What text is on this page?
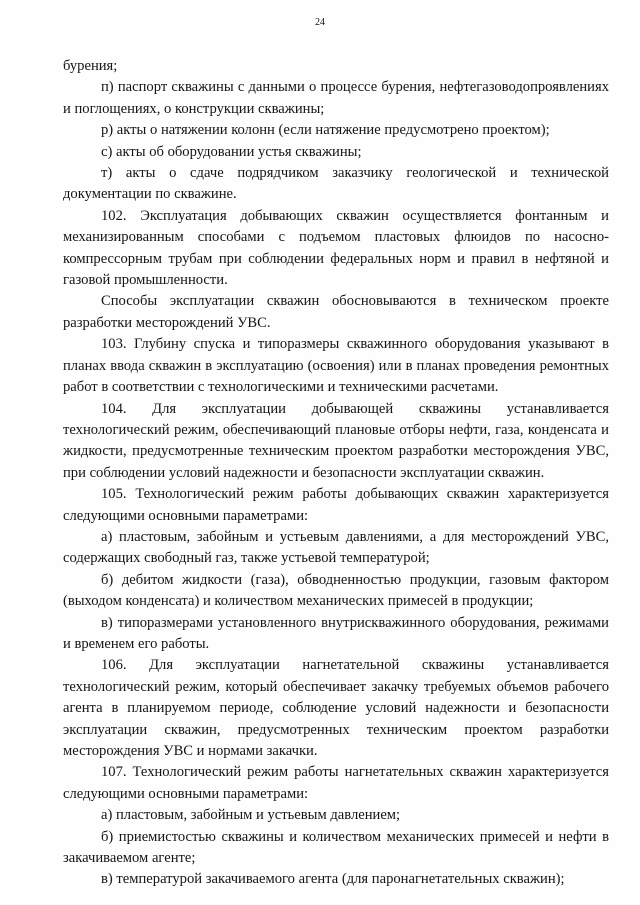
24

бурения;

п) паспорт скважины с данными о процессе бурения, нефтегазоводопроявлениях и поглощениях, о конструкции скважины;

р) акты о натяжении колонн (если натяжение предусмотрено проектом);

с) акты об оборудовании устья скважины;

т) акты о сдаче подрядчиком заказчику геологической и технической документации по скважине.

102. Эксплуатация добывающих скважин осуществляется фонтанным и механизированным способами с подъемом пластовых флюидов по насосно-компрессорным трубам при соблюдении федеральных норм и правил в нефтяной и газовой промышленности.

Способы эксплуатации скважин обосновываются в техническом проекте разработки месторождений УВС.

103. Глубину спуска и типоразмеры скважинного оборудования указывают в планах ввода скважин в эксплуатацию (освоения) или в планах проведения ремонтных работ в соответствии с технологическими и техническими расчетами.

104. Для эксплуатации добывающей скважины устанавливается технологический режим, обеспечивающий плановые отборы нефти, газа, конденсата и жидкости, предусмотренные техническим проектом разработки месторождения УВС, при соблюдении условий надежности и безопасности эксплуатации скважин.

105. Технологический режим работы добывающих скважин характеризуется следующими основными параметрами:

а) пластовым, забойным и устьевым давлениями, а для месторождений УВС, содержащих свободный газ, также устьевой температурой;

б) дебитом жидкости (газа), обводненностью продукции, газовым фактором (выходом конденсата) и количеством механических примесей в продукции;

в) типоразмерами установленного внутрискважинного оборудования, режимами и временем его работы.

106. Для эксплуатации нагнетательной скважины устанавливается технологический режим, который обеспечивает закачку требуемых объемов рабочего агента в планируемом периоде, соблюдение условий надежности и безопасности эксплуатации скважин, предусмотренных техническим проектом разработки месторождения УВС и нормами закачки.

107. Технологический режим работы нагнетательных скважин характеризуется следующими основными параметрами:

а) пластовым, забойным и устьевым давлением;

б) приемистостью скважины и количеством механических примесей и нефти в закачиваемом агенте;

в) температурой закачиваемого агента (для паронагнетательных скважин);
